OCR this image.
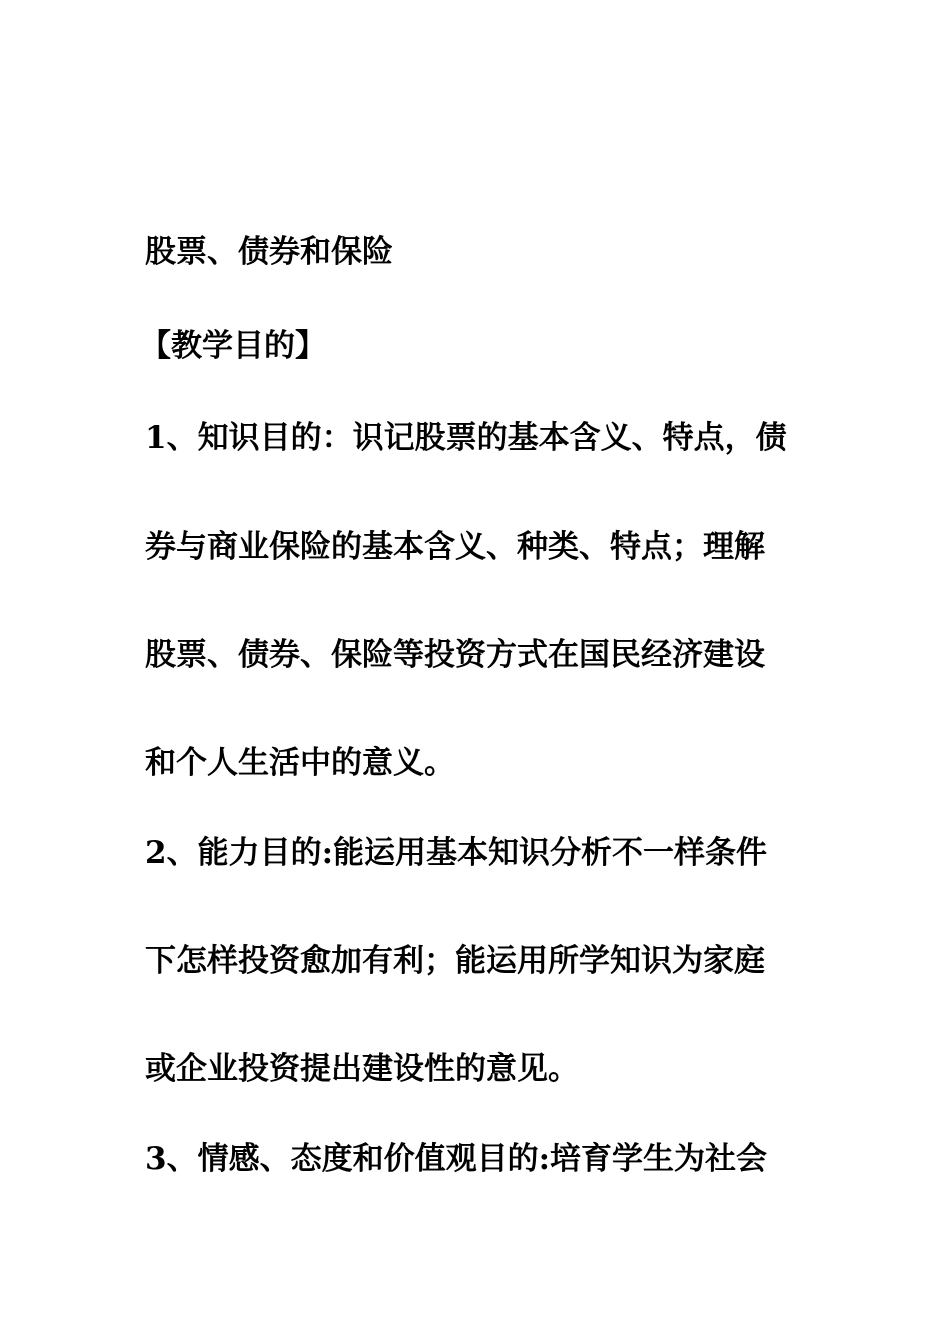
股票、债券和保险

【教学目的】

1、知识目的：识记股票的基本含义、特点，债

券与商业保险的基本含义、种类、特点；理解

股票、债券、保险等投资方式在国民经济建设

和个人生活中的意义。

2、能力目的:能运用基本知识分析不一样条件

下怎样投资愈加有利；能运用所学知识为家庭

或企业投资提出建设性的意见。

3、情感、态度和价值观目的:培育学生为社会
